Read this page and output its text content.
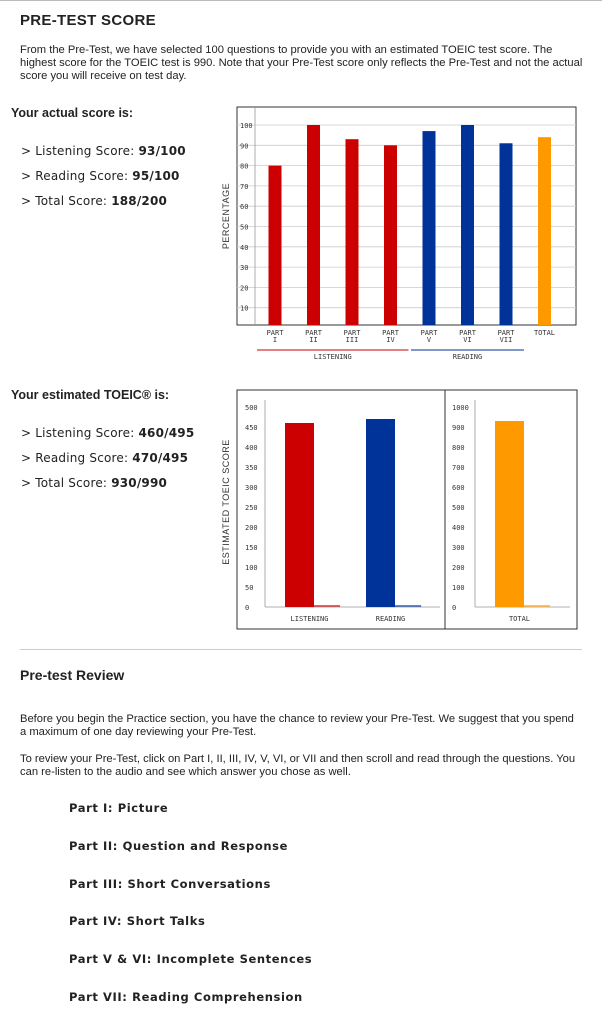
PRE-TEST SCORE
From the Pre-Test, we have selected 100 questions to provide you with an estimated TOEIC test score. The highest score for the TOEIC test is 990. Note that your Pre-Test score only reflects the Pre-Test and not the actual score you will receive on test day.
Your actual score is:
> Listening Score: 93/100
> Reading Score: 95/100
> Total Score: 188/200
10
20
30
40
50
60
70
80
90
100
PERCENTAGE
PART
I
PART
II
PART
III
PART
IV
PART
V
PART
VI
PART
VII
TOTAL
LISTENING	READING
Your estimated TOEIC® is:
> Listening Score: 460/495
> Reading Score: 470/495
> Total Score: 930/990	ESTIMATED TOEIC SCORE
0
50
100
150
200
250
300
350
400
450
500
LISTENING	READING
0
100
200
300
400
500
600
700
800
900
1000
TOTAL
Pre-test Review
Before you begin the Practice section, you have the chance to review your Pre-Test. We suggest that you spend a maximum of one day reviewing your Pre-Test.
To review your Pre-Test, click on Part I, II, III, IV, V, VI, or VII and then scroll and read through the questions. You can re-listen to the audio and see which answer you chose as well.
Part I: Picture
Part II: Question and Response
Part III: Short Conversations
Part IV: Short Talks
Part V & VI: Incomplete Sentences
Part VII: Reading Comprehension
